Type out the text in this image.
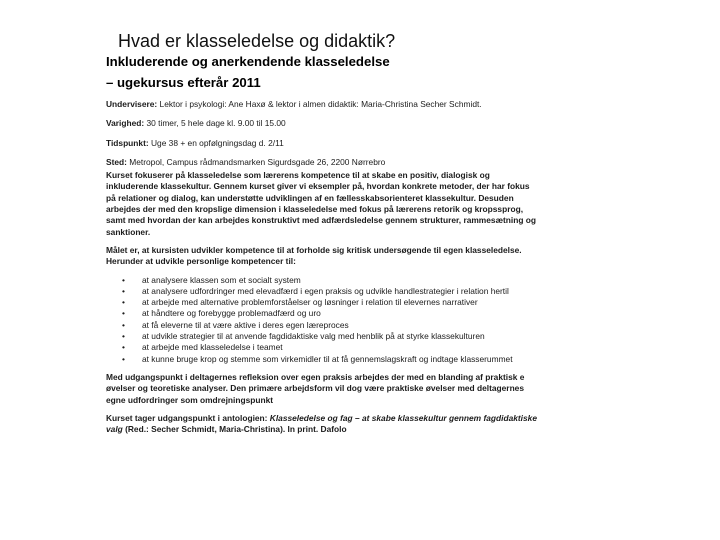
Hvad er klasseledelse og didaktik?
Inkluderende og anerkendende klasseledelse
– ugekursus efterår 2011
Undervisere: Lektor i psykologi: Ane Haxø & lektor i almen didaktik: Maria-Christina Secher Schmidt.
Varighed: 30 timer, 5 hele dage kl. 9.00 til 15.00
Tidspunkt: Uge 38 + en opfølgningsdag d. 2/11
Sted: Metropol, Campus rådmandsmarken Sigurdsgade 26, 2200 Nørrebro
Kurset fokuserer på klasseledelse som lærerens kompetence til at skabe en positiv, dialogisk og inkluderende klassekultur. Gennem kurset giver vi eksempler på, hvordan konkrete metoder, der har fokus på relationer og dialog, kan understøtte udviklingen af en fællesskabsorienteret klassekultur. Desuden arbejdes der med den kropslige dimension i klasseledelse med fokus på lærerens retorik og kropssprog, samt med hvordan der kan arbejdes konstruktivt med adfærdsledelse gennem strukturer, rammesætning og sanktioner.
Målet er, at kursisten udvikler kompetence til at forholde sig kritisk undersøgende til egen klasseledelse. Herunder at udvikle personlige kompetencer til:
• at analysere klassen som et socialt system
• at analysere udfordringer med elevadfærd i egen praksis og udvikle handlestrategier i relation hertil
• at arbejde med alternative problemforståelser og løsninger i relation til elevernes narrativer
• at håndtere og forebygge problemadfærd og uro
• at få eleverne til at være aktive i deres egen læreproces
• at udvikle strategier til at anvende fagdidaktiske valg med henblik på at styrke klassekulturen
• at arbejde med klasseledelse i teamet
• at kunne bruge krop og stemme som virkemidler til at få gennemslagskraft og indtage klasserummet
Med udgangspunkt i deltagernes refleksion over egen praksis arbejdes der med en blanding af praktisk e øvelser og teoretiske analyser. Den primære arbejdsform vil dog være praktiske øvelser med deltagernes egne udfordringer som omdrejningspunkt
Kurset tager udgangspunkt i antologien: Klasseledelse og fag – at skabe klassekultur gennem fagdidaktiske valg (Red.: Secher Schmidt, Maria-Christina). In print. Dafolo
